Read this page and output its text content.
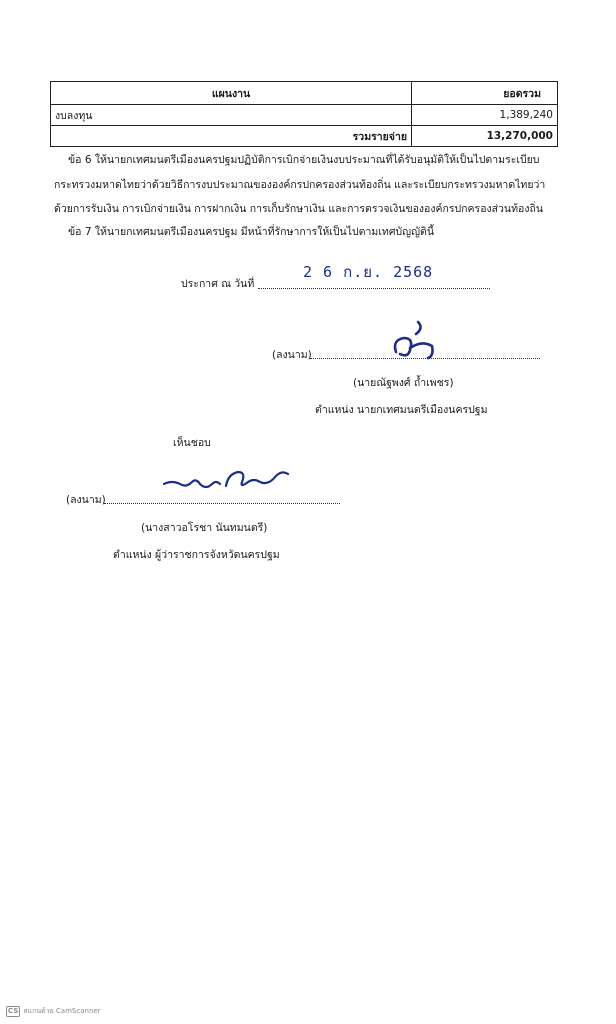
แผนงาน	ยอดรวม
งบลงทุน	1,389,240
รวมรายจ่าย	13,270,000

ข้อ 6 ให้นายกเทศมนตรีเมืองนครปฐมปฏิบัติการเบิกจ่ายเงินงบประมาณที่ได้รับอนุมัติให้เป็นไปตามระเบียบกระทรวงมหาดไทยว่าด้วยวิธีการงบประมาณขององค์กรปกครองส่วนท้องถิ่น และระเบียบกระทรวงมหาดไทยว่าด้วยการรับเงิน การเบิกจ่ายเงิน การฝากเงิน การเก็บรักษาเงิน และการตรวจเงินขององค์กรปกครองส่วนท้องถิ่น

ข้อ 7 ให้นายกเทศมนตรีเมืองนครปฐม มีหน้าที่รักษาการให้เป็นไปตามเทศบัญญัตินี้

ประกาศ ณ วันที่
2 6 ก.ย. 2568
(ลงนาม)
(นายณัฐพงศ์ ถ้ำเพชร)
ตำแหน่ง นายกเทศมนตรีเมืองนครปฐม
เห็นชอบ
(ลงนาม)
(นางสาวอโรชา นันทมนตรี)
ตำแหน่ง ผู้ว่าราชการจังหวัดนครปฐม
CS สแกนด้วย CamScanner
